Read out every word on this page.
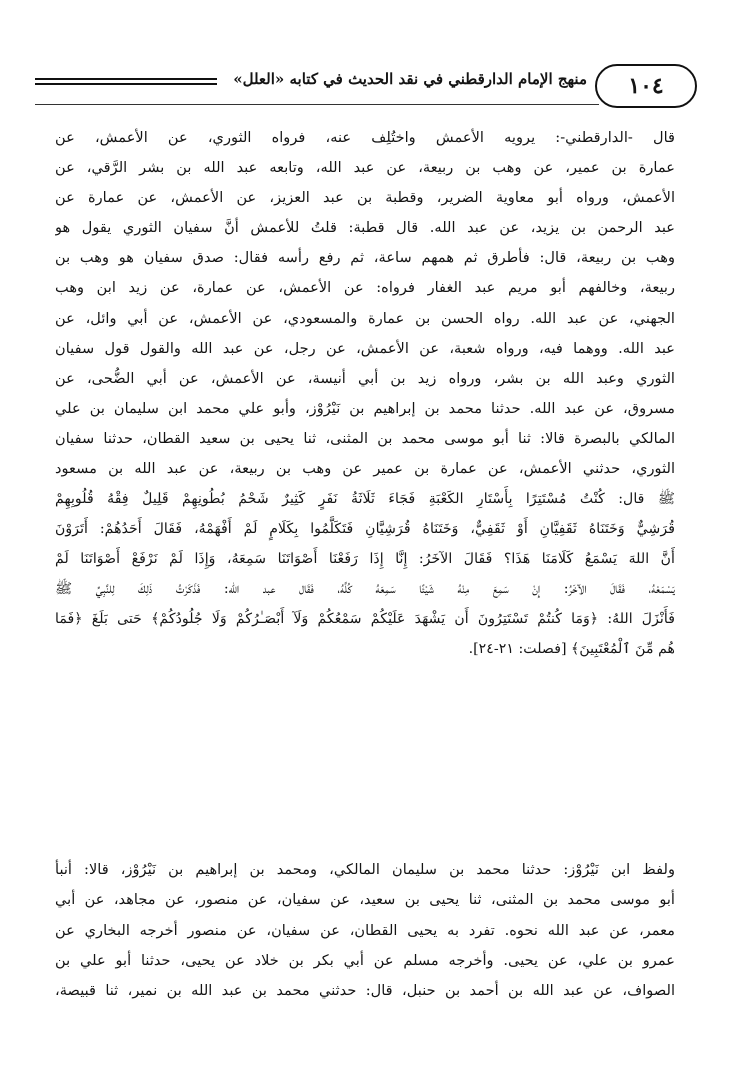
١٠٤
منهج الإمام الدارقطني في نقد الحديث في كتابه «العلل»
قال -الدارقطني-: يرويه الأعمش واختُلِف عنه، فرواه الثوري، عن الأعمش، عن
عمارة بن عمير، عن وهب بن ربيعة، عن عبد الله، وتابعه عبد الله بن بشر الرَّقي، عن
الأعمش، ورواه أبو معاوية الضرير، وقطبة بن عبد العزيز، عن الأعمش، عن عمارة عن
عبد الرحمن بن يزيد، عن عبد الله. قال قطبة: قلتُ للأعمش أنَّ سفيان الثوري يقول هو
وهب بن ربيعة، قال: فأطرق ثم همهم ساعة، ثم رفع رأسه فقال: صدق سفيان هو وهب بن
ربيعة، وخالفهم أبو مريم عبد الغفار فرواه: عن الأعمش، عن عمارة، عن زيد ابن وهب
الجهني، عن عبد الله. رواه الحسن بن عمارة والمسعودي، عن الأعمش، عن أبي وائل، عن
عبد الله. ووهما فيه، ورواه شعبة، عن الأعمش، عن رجل، عن عبد الله والقول قول سفيان
الثوري وعبد الله بن بشر، ورواه زيد بن أبي أنيسة، عن الأعمش، عن أبي الضُّحى، عن
مسروق، عن عبد الله. حدثنا محمد بن إبراهيم بن نَيْرُوْز، وأبو علي محمد ابن سليمان بن علي
المالكي بالبصرة قالا: ثنا أبو موسى محمد بن المثنى، ثنا يحيى بن سعيد القطان، حدثنا سفيان
الثوري، حدثني الأعمش، عن عمارة بن عمير عن وهب بن ربيعة، عن عبد الله بن مسعود
ﷺ قال: كُنْتُ مُسْتَتِرًا بِأَسْتَارِ الكَعْبَةِ فَجَاءَ ثَلَاثَةُ نَفَرٍ كَثِيرٌ شَحْمُ بُطُونِهِمْ قَلِيلٌ فِقْهُ قُلُوبِهِمْ
قُرَشِيٌّ وَخَتَنَاهُ ثَقَفِيَّانِ أَوْ ثَقَفِيٌّ، وَخَتَنَاهُ قُرَشِيَّانِ فَتَكَلَّمُوا بِكَلَامٍ لَمْ أَفْهَمْهُ، فَقَالَ أَحَدُهُمْ: أَتَرَوْنَ
أَنَّ اللهَ يَسْمَعُ كَلَامَنَا هَذَا؟ فَقَالَ الآخَرُ: إِنَّا إِذَا رَفَعْنَا أَصْوَاتَنَا سَمِعَهُ، وَإِذَا لَمْ نَرْفَعْ أَصْوَاتَنَا لَمْ
يَسْمَعْهُ، فَقَالَ الآخَرُ: إِنْ سَمِعَ مِنْهُ شَيْئًا سَمِعَهُ كُلَّهُ، فَقَال عبد الله: فَذَكَرْتُ ذَلِكَ لِلنَّبِيِّ ﷺ
فَأَنْزَلَ اللهُ: ﴿وَمَا كُنتُمْ تَسْتَتِرُونَ أَن يَشْهَدَ عَلَيْكُمْ سَمْعُكُمْ وَلَآ أَبْصَـٰرُكُمْ وَلَا جُلُودُكُمْ﴾ حَتى بَلَغَ ﴿فَمَا
هُم مِّنَ ٱلْمُعْتَبِينَ﴾ [فصلت: ٢١-٢٤].
ولفظ ابن نَيْرُوْز: حدثنا محمد بن سليمان المالكي، ومحمد بن إبراهيم بن نَيْرُوْز، قالا: أنبأ
أبو موسى محمد بن المثنى، ثنا يحيى بن سعيد، عن سفيان، عن منصور، عن مجاهد، عن أبي
معمر، عن عبد الله نحوه. تفرد به يحيى القطان، عن سفيان، عن منصور أخرجه البخاري عن
عمرو بن علي، عن يحيى. وأخرجه مسلم عن أبي بكر بن خلاد عن يحيى، حدثنا أبو علي بن
الصواف، عن عبد الله بن أحمد بن حنبل، قال: حدثني محمد بن عبد الله بن نمير، ثنا قبيصة،
